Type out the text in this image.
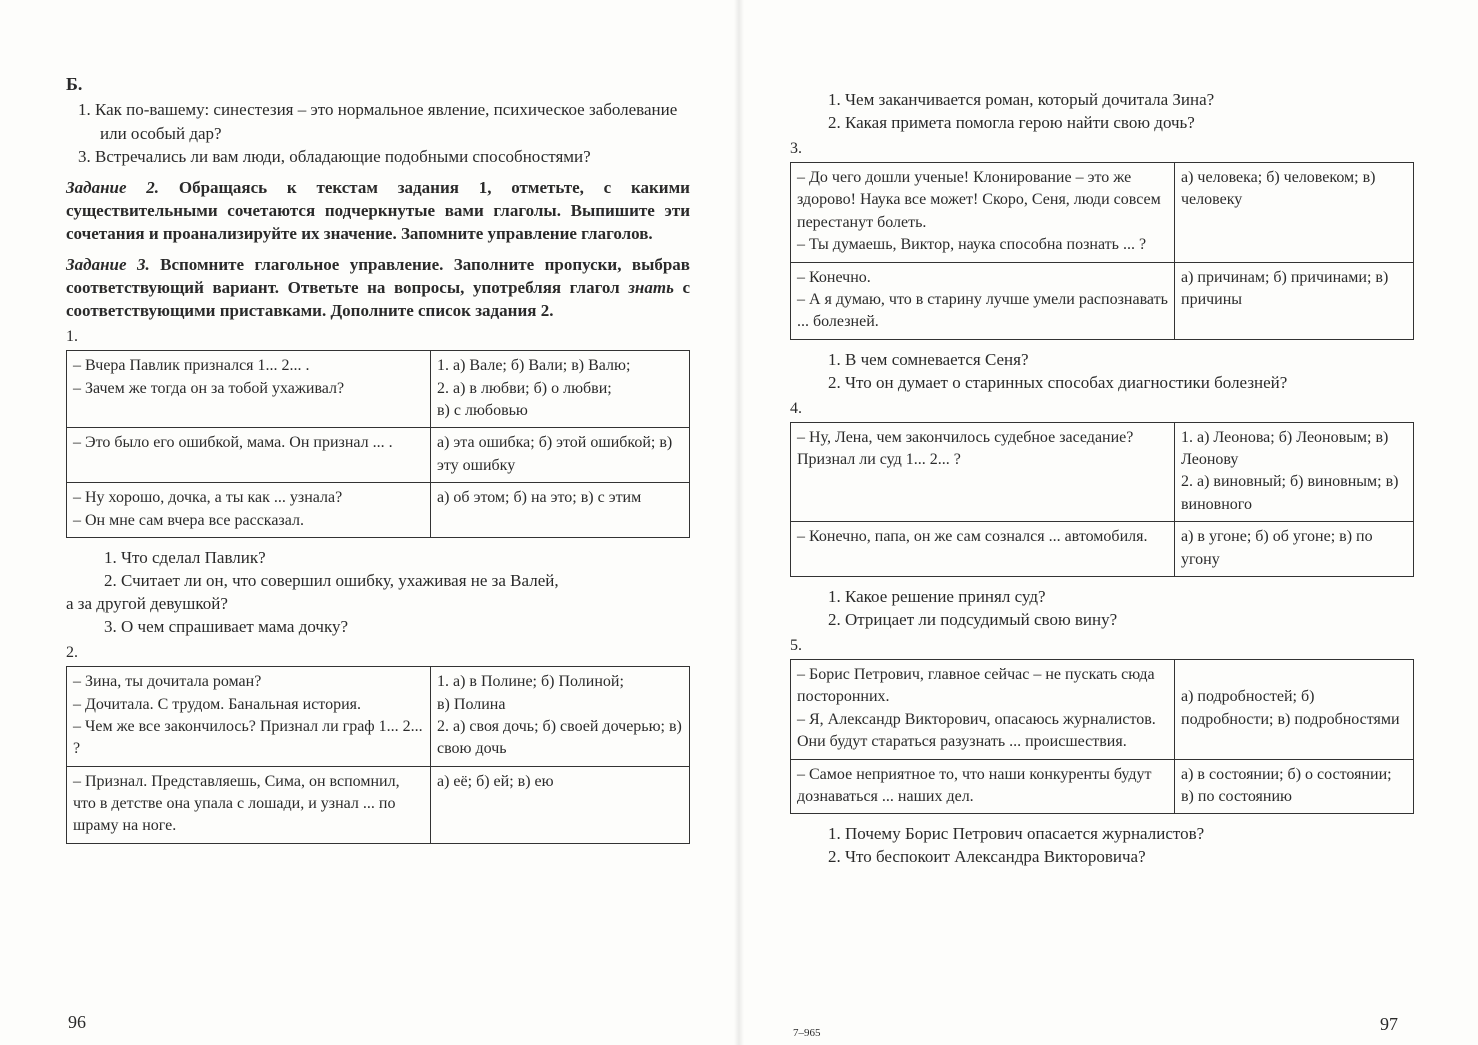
Б.
1. Как по-вашему: синестезия – это нормальное явление, психическое заболевание или особый дар?
3. Встречались ли вам люди, обладающие подобными способностями?
Задание 2. Обращаясь к текстам задания 1, отметьте, с какими существительными сочетаются подчеркнутые вами глаголы. Выпишите эти сочетания и проанализируйте их значение. Запомните управление глаголов.
Задание 3. Вспомните глагольное управление. Заполните пропуски, выбрав соответствующий вариант. Ответьте на вопросы, употребляя глагол знать с соответствующими приставками. Дополните список задания 2.
1.
– Вчера Павлик признался 1... 2... .
– Зачем же тогда он за тобой ухаживал?	1. а) Вале; б) Вали; в) Валю;
2. а) в любви; б) о любви;
в) с любовью

– Это было его ошибкой, мама. Он признал ... .	а) эта ошибка; б) этой ошибкой; в) эту ошибку

– Ну хорошо, дочка, а ты как ... узнала?
– Он мне сам вчера все рассказал.	а) об этом; б) на это; в) с этим
1. Что сделал Павлик?
2. Считает ли он, что совершил ошибку, ухаживая не за Валей,
а за другой девушкой?
3. О чем спрашивает мама дочку?
2.
– Зина, ты дочитала роман?
– Дочитала. С трудом. Банальная история.
– Чем же все закончилось? Признал ли граф 1... 2... ?	1. а) в Полине; б) Полиной;
в) Полина
2. а) своя дочь; б) своей дочерью; в) свою дочь

– Признал. Представляешь, Сима, он вспомнил, что в детстве она упала с лошади, и узнал ... по шраму на ноге.	а) её; б) ей; в) ею
96
1. Чем заканчивается роман, который дочитала Зина?
2. Какая примета помогла герою найти свою дочь?
3.
– До чего дошли ученые! Клонирование – это же здорово! Наука все может! Скоро, Сеня, люди совсем перестанут болеть.
– Ты думаешь, Виктор, наука способна познать ... ?	а) человека; б) человеком; в) человеку

– Конечно.
– А я думаю, что в старину лучше умели распознавать ... болезней.	а) причинам; б) причинами; в) причины
1. В чем сомневается Сеня?
2. Что он думает о старинных способах диагностики болезней?
4.
– Ну, Лена, чем закончилось судебное заседание? Признал ли суд 1... 2... ?	1. а) Леонова; б) Леоновым; в) Леонову
2. а) виновный; б) виновным; в) виновного

– Конечно, папа, он же сам сознался ... автомобиля.	а) в угоне; б) об угоне; в) по угону
1. Какое решение принял суд?
2. Отрицает ли подсудимый свою вину?
5.
– Борис Петрович, главное сейчас – не пускать сюда посторонних.
– Я, Александр Викторович, опасаюсь журналистов. Они будут стараться разузнать ... происшествия.	а) подробностей; б) подробности; в) подробностями

– Самое неприятное то, что наши конкуренты будут дознаваться ... наших дел.	а) в состоянии; б) о состоянии; в) по состоянию
1. Почему Борис Петрович опасается журналистов?
2. Что беспокоит Александра Викторовича?
7–965	97
